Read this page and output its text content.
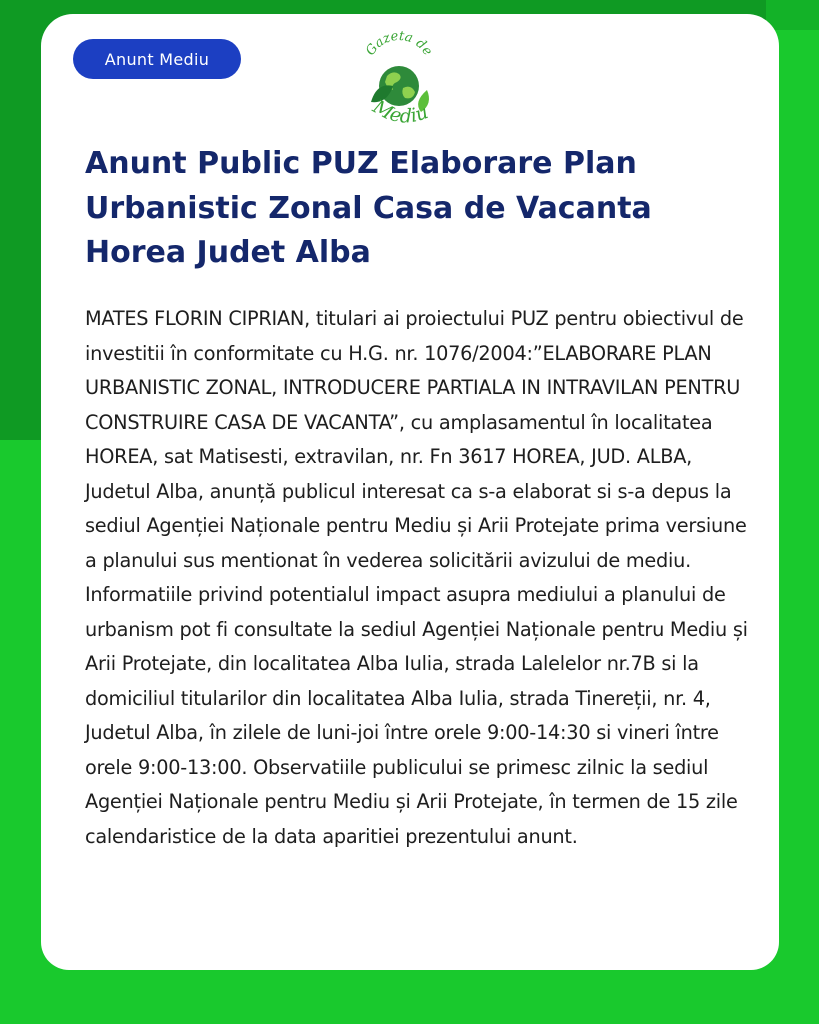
Anunt Mediu	Gazeta de
Mediu
Anunt Public PUZ Elaborare Plan Urbanistic Zonal Casa de Vacanta Horea Judet Alba

MATES FLORIN CIPRIAN, titulari ai proiectului PUZ pentru obiectivul de investitii în conformitate cu H.G. nr. 1076/2004:”ELABORARE PLAN URBANISTIC ZONAL, INTRODUCERE PARTIALA IN INTRAVILAN PENTRU CONSTRUIRE CASA DE VACANTA”, cu amplasamentul în localitatea HOREA, sat Matisesti, extravilan, nr. Fn 3617 HOREA, JUD. ALBA, Judetul Alba, anunță publicul interesat ca s-a elaborat si s-a depus la sediul Agenției Naționale pentru Mediu și Arii Protejate prima versiune a planului sus mentionat în vederea solicitării avizului de mediu. Informatiile privind potentialul impact asupra mediului a planului de urbanism pot fi consultate la sediul Agenției Naționale pentru Mediu și Arii Protejate, din localitatea Alba Iulia, strada Lalelelor nr.7B si la domiciliul titularilor din localitatea Alba Iulia, strada Tinereții, nr. 4, Judetul Alba, în zilele de luni-joi între orele 9:00-14:30 si vineri între orele 9:00-13:00. Observatiile publicului se primesc zilnic la sediul Agenției Naționale pentru Mediu și Arii Protejate, în termen de 15 zile calendaristice de la data aparitiei prezentului anunt.
